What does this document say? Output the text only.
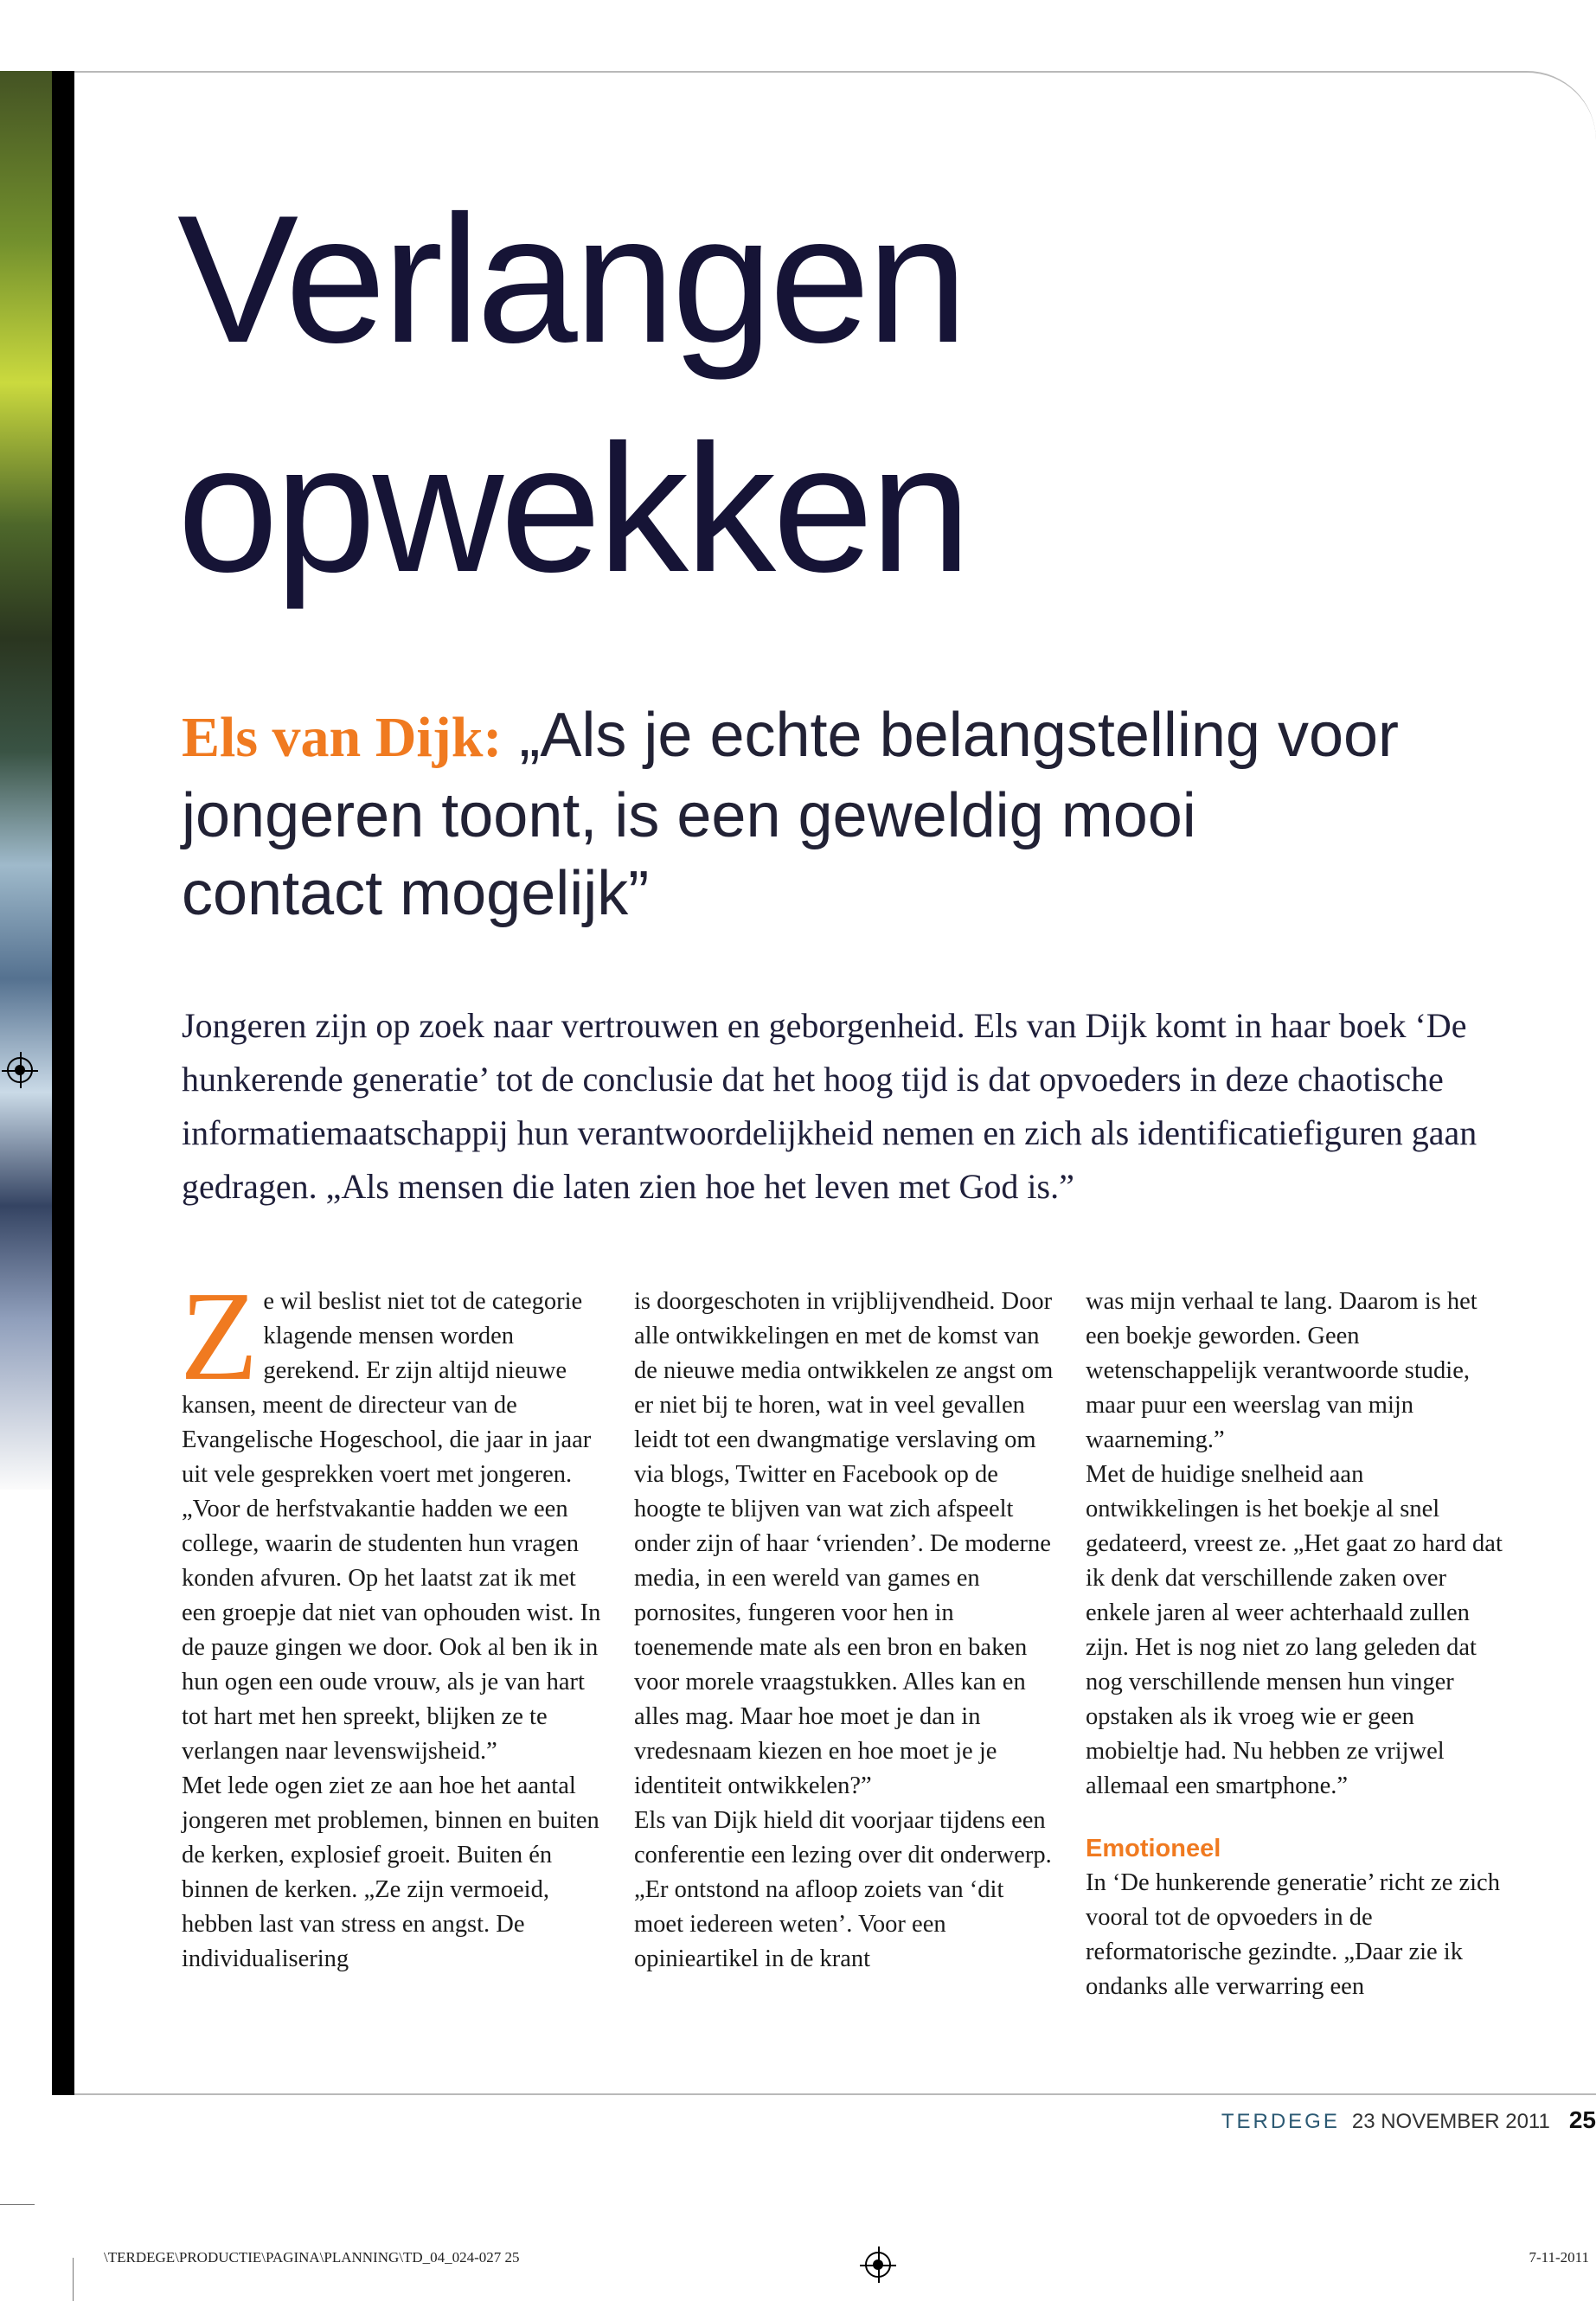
Verlangen
opwekken

Els van Dijk: „Als je echte belangstelling voor jongeren toont, is een geweldig mooi contact mogelijk”

Jongeren zijn op zoek naar vertrouwen en geborgenheid. Els van Dijk komt in haar boek ‘De hunkerende generatie’ tot de conclusie dat het hoog tijd is dat opvoeders in deze chaotische informatiemaatschappij hun verantwoordelijkheid nemen en zich als identificatiefiguren gaan gedragen. „Als mensen die laten zien hoe het leven met God is.”

Ze wil beslist niet tot de categorie klagende mensen worden gerekend. Er zijn altijd nieuwe kansen, meent de directeur van de Evangelische Hogeschool, die jaar in jaar uit vele gesprekken voert met jongeren. „Voor de herfstvakantie hadden we een college, waarin de studenten hun vragen konden afvuren. Op het laatst zat ik met een groepje dat niet van ophouden wist. In de pauze gingen we door. Ook al ben ik in hun ogen een oude vrouw, als je van hart tot hart met hen spreekt, blijken ze te verlangen naar levenswijsheid.”

Met lede ogen ziet ze aan hoe het aantal jongeren met problemen, binnen en buiten de kerken, explosief groeit. Buiten én binnen de kerken. „Ze zijn vermoeid, hebben last van stress en angst. De individualisering

is doorgeschoten in vrijblijvendheid. Door alle ontwikkelingen en met de komst van de nieuwe media ontwikkelen ze angst om er niet bij te horen, wat in veel gevallen leidt tot een dwangmatige verslaving om via blogs, Twitter en Facebook op de hoogte te blijven van wat zich afspeelt onder zijn of haar ‘vrienden’. De moderne media, in een wereld van games en pornosites, fungeren voor hen in toenemende mate als een bron en baken voor morele vraagstukken. Alles kan en alles mag. Maar hoe moet je dan in vredesnaam kiezen en hoe moet je je identiteit ontwikkelen?”

Els van Dijk hield dit voorjaar tijdens een conferentie een lezing over dit onderwerp. „Er ontstond na afloop zoiets van ‘dit moet iedereen weten’. Voor een opinieartikel in de krant

was mijn verhaal te lang. Daarom is het een boekje geworden. Geen wetenschappelijk verantwoorde studie, maar puur een weerslag van mijn waarneming.”

Met de huidige snelheid aan ontwikkelingen is het boekje al snel gedateerd, vreest ze. „Het gaat zo hard dat ik denk dat verschillende zaken over enkele jaren al weer achterhaald zullen zijn. Het is nog niet zo lang geleden dat nog verschillende mensen hun vinger opstaken als ik vroeg wie er geen mobieltje had. Nu hebben ze vrijwel allemaal een smartphone.”

Emotioneel

In ‘De hunkerende generatie’ richt ze zich vooral tot de opvoeders in de reformatorische gezindte. „Daar zie ik ondanks alle verwarring een

TERDEGE 23 NOVEMBER 2011 25
\TERDEGE\PRODUCTIE\PAGINA\PLANNING\TD_04_024-027 25	7-11-2011
